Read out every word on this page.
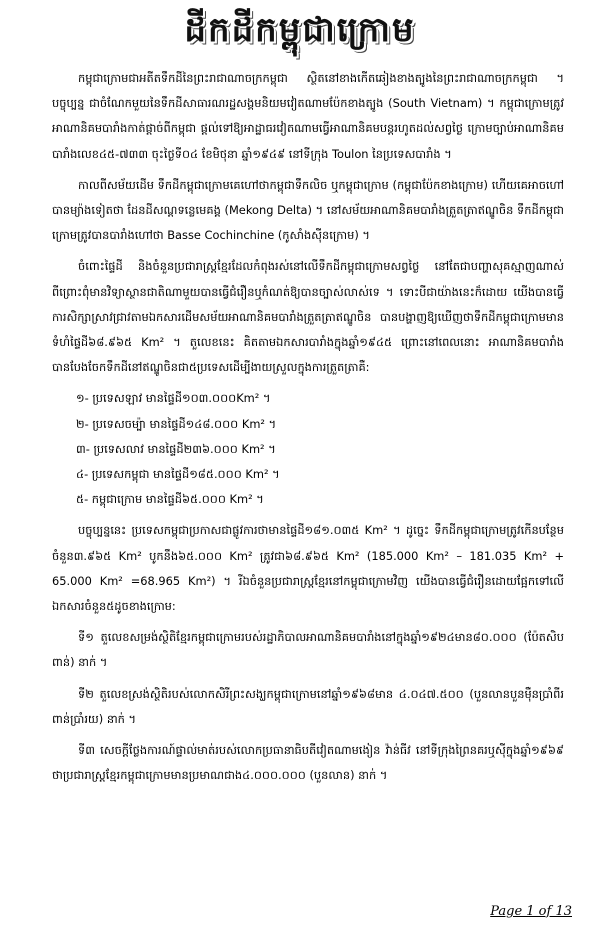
ដីកដីកម្ពុជាក្រោម

កម្ពុជាក្រោមជាអតីតទឹកដីនៃព្រះរាជាណាចក្រកម្ពុជា ស្ថិតនៅខាងកើតឆៀងខាងត្បូងនៃព្រះរាជាណាចក្រកម្ពុជា ។ បច្ចុប្បន្ន ជាចំណែកមួយនៃទឹកដីសាធារណរដ្ឋសង្គមនិយមវៀតណាមប៉ែកខាងត្បូង (South Vietnam) ។ កម្ពុជាក្រោមត្រូវអាណានិគមបារាំងកាត់ផ្ដាច់ពីកម្ពុជា ផ្ដល់ទៅឱ្យអាដ្ឋាធរវៀតណាមធ្វើអាណានិគមបន្តរហូតដល់សព្វថ្ងៃ ក្រោមច្បាប់អាណានិគមបារាំងលេខ៤៥-៧៣៣ ចុះថ្ងៃទី០៤ ខែមិថុនា ឆ្នាំ១៩៤៩ នៅទីក្រុង Toulon នៃប្រទេសបារាំង ។

កាលពីសម័យដើម ទឹកដីកម្ពុជាក្រោមគេហៅថាកម្ពុជាទឹកលិច ឬកម្ពុជាក្រោម (កម្ពុជាប៉ែកខាងក្រោម) ហើយគេអាចហៅបានម្យ៉ាងទៀតថា ដែនដីសណ្ដទន្លេមេគង្គ (Mekong Delta) ។ នៅសម័យអាណានិគមបារាំងត្រួតត្រាឥណ្ឌូចិន ទឹកដីកម្ពុជាក្រោមត្រូវបានបារាំងហៅថា Basse Cochinchine (កូសាំងស៊ីនក្រោម) ។

ចំពោះផ្ទៃដី និងចំនួនប្រជារាស្ត្រខ្មែរដែលកំពុងរស់នៅលើទឹកដីកម្ពុជាក្រោមសព្វថ្ងៃ នៅតែជាបញ្ហាសុគស្មាញណាស់ ពីព្រោះពុំមានវិទ្យាស្ថានជាតិណាមួយបានធ្វើជំរឿនឬកំណត់ឱ្យបានច្បាស់លាស់ទេ ។ ទោះបីជាយ៉ាងនេះក៏ដោយ យើងបានធ្វើការសិក្សាស្រាវជ្រាវតាមឯកសារដើមសម័យអាណានិគមបារាំងត្រួតត្រាឥណ្ឌូចិន បានបង្ហាញឱ្យឃើញថាទឹកដីកម្ពុជាក្រោមមានទំហំផ្ទៃដី៦៨.៩៦៥ Km² ។ តួលេខនេះ គិតតាមឯកសារបារាំងក្នុងឆ្នាំ១៩៤៥ ព្រោះនៅពេលនោះ អាណានិគមបារាំងបានបែងចែកទឹកដីនៅឥណ្ឌូចិនជា៥ប្រទេសដើម្បីងាយស្រួលក្នុងការត្រួតត្រាគឺ:

១- ប្រទេសឡាវ មានផ្ទៃដី១០៣.០០០Km² ។
២- ប្រទេសចម្ប៉ា មានផ្ទៃដី១៤៨.០០០ Km² ។
៣- ប្រទេសលាវ មានផ្ទៃដី២៣៦.០០០ Km² ។
៤- ប្រទេសកម្ពុជា មានផ្ទៃដី១៨៥.០០០ Km² ។
៥- កម្ពុជាក្រោម មានផ្ទៃដី៦៥.០០០ Km² ។

បច្ចុប្បន្ននេះ ប្រទេសកម្ពុជាប្រកាសជាផ្លូវការថាមានផ្ទៃដី១៨១.០៣៥ Km² ។ ដូច្នេះ ទឹកដីកម្ពុជាក្រោមត្រូវកើនបន្ថែមចំនួន៣.៩៦៥ Km² បូកនឹង៦៥.០០០ Km² ត្រូវជា៦៨.៩៦៥ Km² (185.000 Km² – 181.035 Km² + 65.000 Km² =68.965 Km²) ។ រីឯចំនួនប្រជារាស្ត្រខ្មែរនៅកម្ពុជាក្រោមវិញ យើងបានធ្វើជំរឿនដោយផ្អែកទៅលើឯកសារចំនួន៥ដូចខាងក្រោម:

ទី១ តួលេខសម្រង់ស្ថិតិខ្មែរកម្ពុជាក្រោមរបស់រដ្ឋាភិបាលអាណានិគមបារាំងនៅក្នុងឆ្នាំ១៩២៤មាន៨០.០០០ (ប៉ែតសិបពាន់) នាក់ ។

ទី២ តួលេខស្រង់ស្ថិតិរបស់លោកសិរីព្រះសង្ឃកម្ពុជាក្រោមនៅឆ្នាំ១៩៦៨មាន ៤.០៤៧.៥០០ (បួនលានបួនម៉ឺនប្រាំពីរពាន់ប្រាំរយ) នាក់ ។

ទី៣ សេចក្ដីថ្លែងការណ៍ផ្ទាល់មាត់របស់លោកប្រធានាធិបតីវៀតណាមងៀន វ៉ាន់ធីវ នៅទីក្រុងព្រៃនគរឬសុីក្នុងឆ្នាំ១៩៦៩ ថាប្រជារាស្ត្រខ្មែរកម្ពុជាក្រោមមានប្រមាណជាង៤.០០០.០០០ (បួនលាន) នាក់ ។

Page 1 of 13
